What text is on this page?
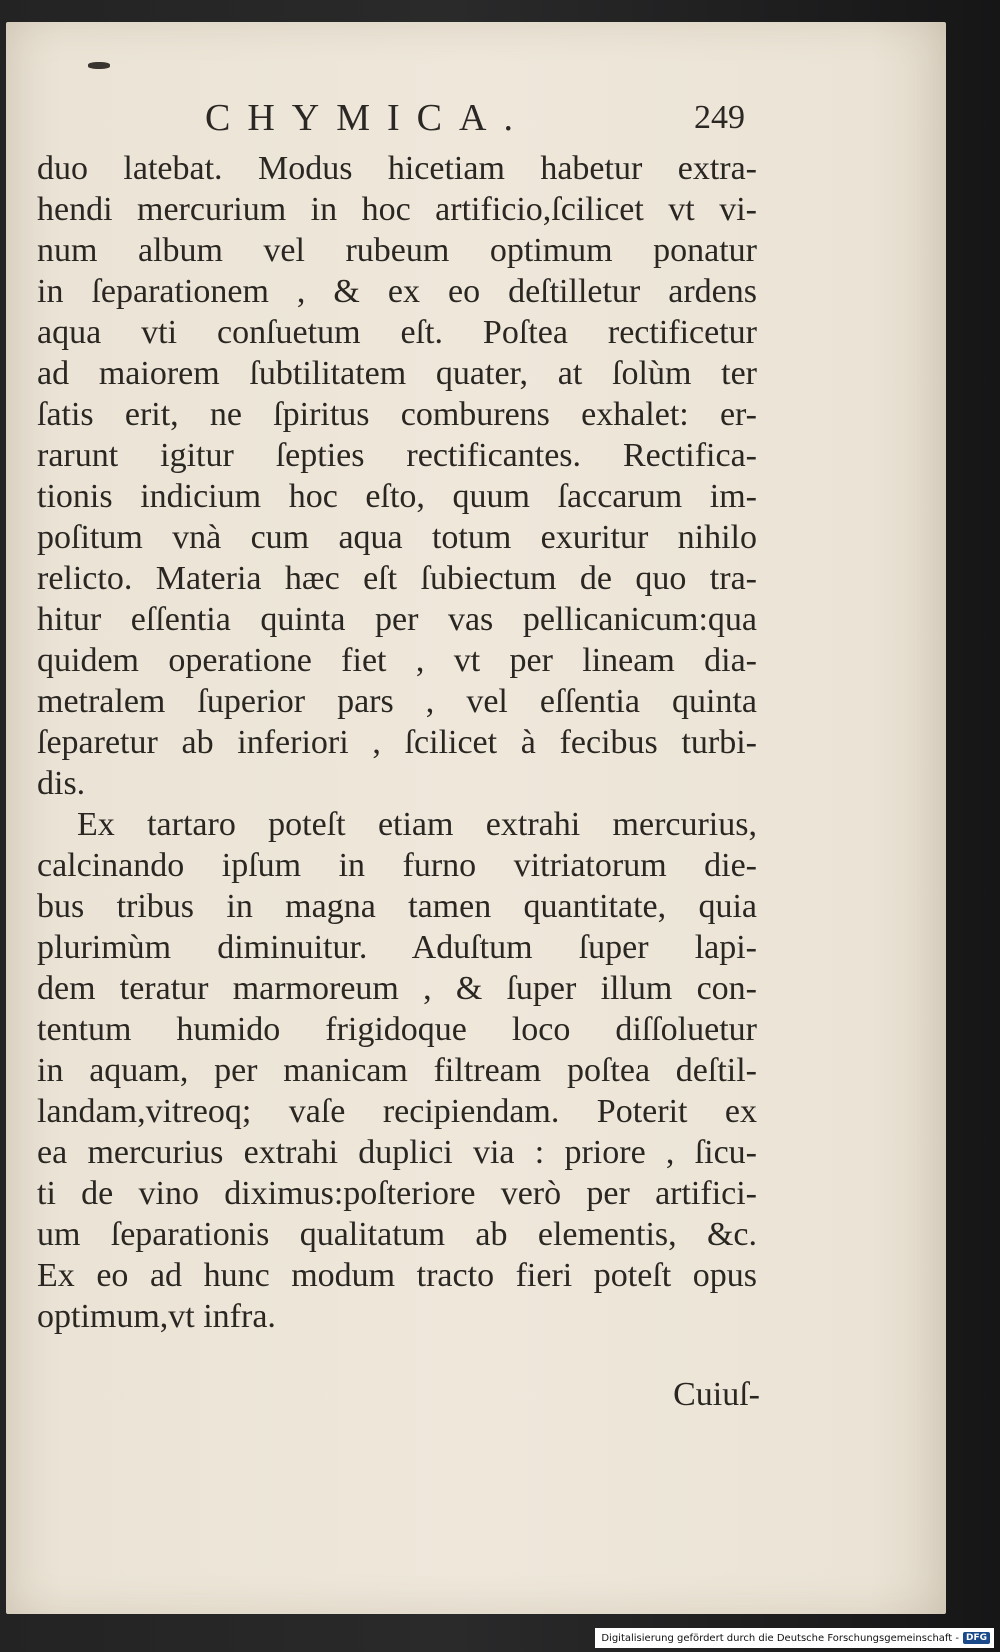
CHYMICA.	249
duo latebat. Modus hicetiam habetur extra-
hendi mercurium in hoc artificio,ſcilicet vt vi-
num album vel rubeum optimum ponatur
in ſeparationem , & ex eo deſtilletur ardens
aqua vti conſuetum eſt. Poſtea rectificetur
ad maiorem ſubtilitatem quater, at ſolùm ter
ſatis erit, ne ſpiritus comburens exhalet: er-
rarunt igitur ſepties rectificantes. Rectifica-
tionis indicium hoc eſto, quum ſaccarum im-
poſitum vnà cum aqua totum exuritur nihilo
relicto. Materia hæc eſt ſubiectum de quo tra-
hitur eſſentia quinta per vas pellicanicum:qua
quidem operatione fiet , vt per lineam dia-
metralem ſuperior pars , vel eſſentia quinta
ſeparetur ab inferiori , ſcilicet à fecibus turbi-
dis.
Ex tartaro poteſt etiam extrahi mercurius,
calcinando ipſum in furno vitriatorum die-
bus tribus in magna tamen quantitate, quia
plurimùm diminuitur. Aduſtum ſuper lapi-
dem teratur marmoreum , & ſuper illum con-
tentum humido frigidoque loco diſſoluetur
in aquam, per manicam filtream poſtea deſtil-
landam,vitreoq; vaſe recipiendam. Poterit ex
ea mercurius extrahi duplici via : priore , ſicu-
ti de vino diximus:poſteriore verò per artifici-
um ſeparationis qualitatum ab elementis, &c.
Ex eo ad hunc modum tracto fieri poteſt opus
optimum,vt infra.
Cuiuſ-
Digitalisierung gefördert durch die Deutsche Forschungsgemeinschaft - DFG
